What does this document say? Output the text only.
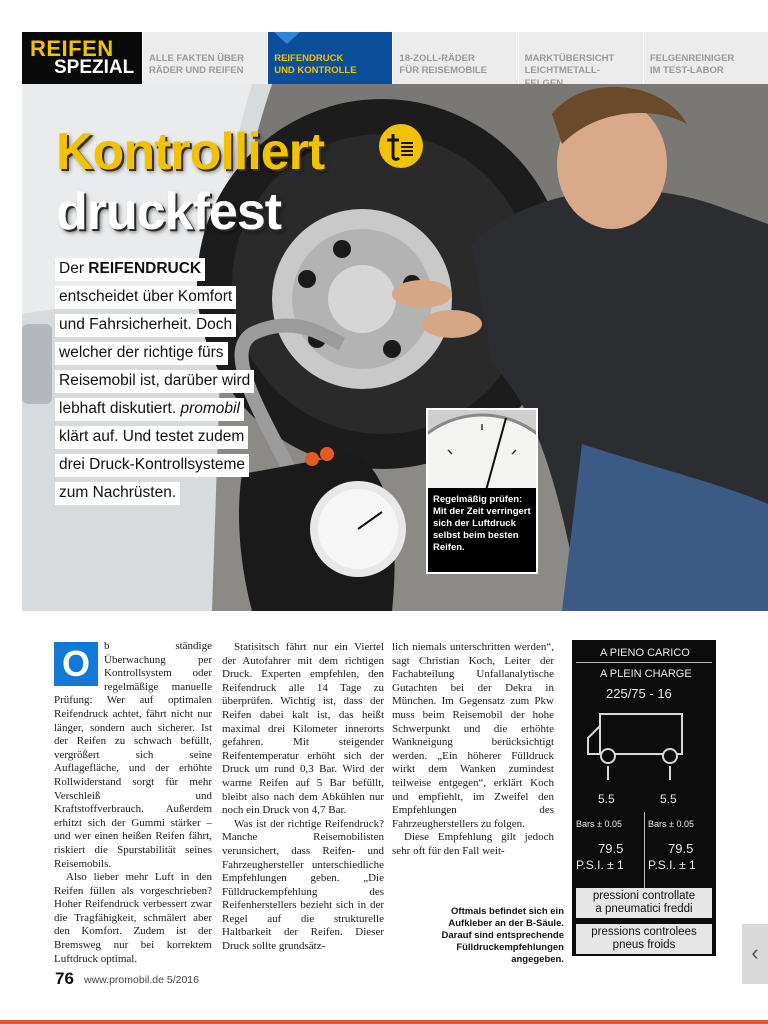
REIFEN
SPEZIAL	ALLE FAKTEN ÜBER
RÄDER UND REIFEN
REIFENDRUCK
UND KONTROLLE
18-ZOLL-RÄDER
FÜR REISEMOBILE
MARKTÜBERSICHT
LEICHTMETALL-
FELGENREINIGER
IM TEST-LABOR
Kontrolliert
druckfest
Der REIFENDRUCK
entscheidet über Komfort
und Fahrsicherheit. Doch
welcher der richtige fürs
Reisemobil ist, darüber wird
lebhaft diskutiert. promobil
klärt auf. Und testet zudem
drei Druck-Kontrollsysteme
zum Nachrüsten.	Regelmäßig prüfen: Mit der Zeit verringert sich der Luftdruck selbst beim besten Reifen.

O	b ständige Überwachung per Kontrollsystem oder regelmäßige manuelle Prüfung: Wer auf optimalen Reifendruck achtet, fährt nicht nur länger, sondern auch sicherer. Ist der Reifen zu schwach befüllt, vergrößert sich seine Auflagefläche, und der erhöhte Rollwiderstand sorgt für mehr Verschleiß und Kraftstoffverbrauch. Außerdem erhitzt sich der Gummi stärker – und wer einen heißen Reifen fährt, riskiert die Spurstabilität seines Reisemobils.

Also lieber mehr Luft in den Reifen füllen als vorgeschrieben? Hoher Reifendruck verbessert zwar die Tragfähigkeit, schmälert aber den Komfort. Zudem ist der Bremsweg nur bei korrektem Luftdruck optimal.

Statisitsch fährt nur ein Viertel der Autofahrer mit dem richtigen Druck. Experten empfehlen, den Reifendruck alle 14 Tage zu überprüfen. Wichtig ist, dass der Reifen dabei kalt ist, das heißt maximal drei Kilometer innerorts gefahren. Mit steigender Reifentemperatur erhöht sich der Druck um rund 0,3 Bar. Wird der warme Reifen auf 5 Bar befüllt, bleibt also nach dem Abkühlen nur noch ein Druck von 4,7 Bar.

Was ist der richtige Reifendruck? Manche Reisemobilisten verunsichert, dass Reifen- und Fahrzeughersteller unterschiedliche Empfehlungen geben. „Die Fülldruckempfehlung des Reifenherstellers bezieht sich in der Regel auf die strukturelle Haltbarkeit der Reifen. Dieser Druck sollte grundsätz-

lich niemals unterschritten werden“, sagt Christian Koch, Leiter der Fachabteilung Unfallanalytische Gutachten bei der Dekra in München. Im Gegensatz zum Pkw muss beim Reisemobil der hohe Schwerpunkt und die erhöhte Wankneigung berücksichtigt werden. „Ein höherer Fülldruck wirkt dem Wanken zumindest teilweise entgegen“, erklärt Koch und empfiehlt, im Zweifel den Empfehlungen des Fahrzeugherstellers zu folgen.

Diese Empfehlung gilt jedoch sehr oft für den Fall weit-

A PIENO CARICO
A PLEIN CHARGE
225/75 - 16
5.5	5.5
Bars ± 0.05	Bars ± 0.05
79.5	79.5
P.S.I. ± 1 P.S.I. ± 1
pressioni controllate
a pneumatici freddi
pressions controlees
pneus froids
Oftmals befindet sich ein Aufkleber an der B-Säule. Darauf sind entsprechende Fülldruckempfehlungen angegeben.
76 www.promobil.de 5/2016
‹
